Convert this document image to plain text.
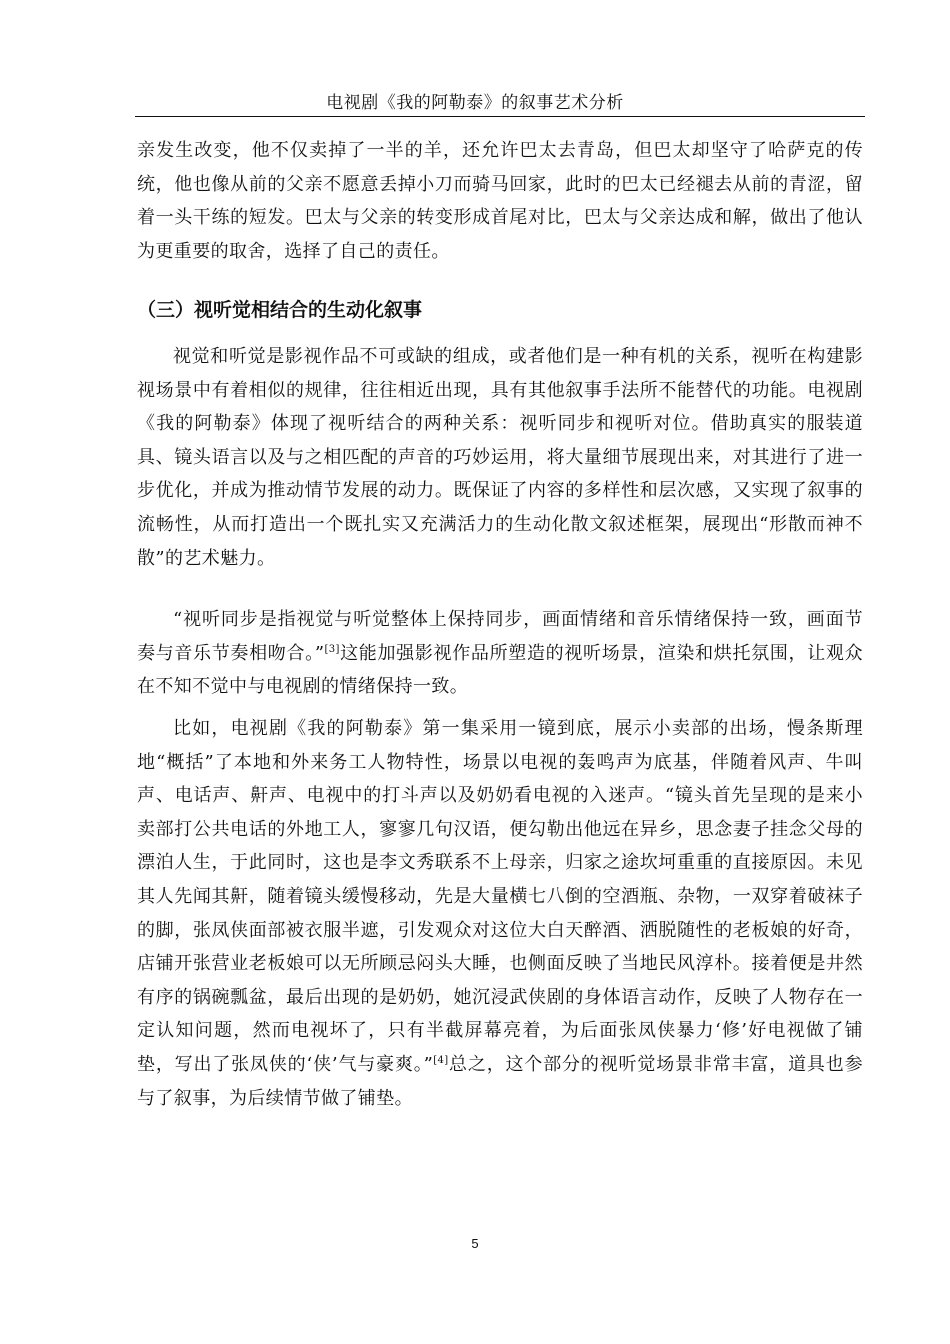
电视剧《我的阿勒泰》的叙事艺术分析

亲发生改变，他不仅卖掉了一半的羊，还允许巴太去青岛，但巴太却坚守了哈萨克的传统，他也像从前的父亲不愿意丢掉小刀而骑马回家，此时的巴太已经褪去从前的青涩，留着一头干练的短发。巴太与父亲的转变形成首尾对比，巴太与父亲达成和解，做出了他认为更重要的取舍，选择了自己的责任。

（三）视听觉相结合的生动化叙事

视觉和听觉是影视作品不可或缺的组成，或者他们是一种有机的关系，视听在构建影视场景中有着相似的规律，往往相近出现，具有其他叙事手法所不能替代的功能。电视剧《我的阿勒泰》体现了视听结合的两种关系：视听同步和视听对位。借助真实的服装道具、镜头语言以及与之相匹配的声音的巧妙运用，将大量细节展现出来，对其进行了进一步优化，并成为推动情节发展的动力。既保证了内容的多样性和层次感，又实现了叙事的流畅性，从而打造出一个既扎实又充满活力的生动化散文叙述框架，展现出“形散而神不散”的艺术魅力。

“视听同步是指视觉与听觉整体上保持同步，画面情绪和音乐情绪保持一致，画面节奏与音乐节奏相吻合。”[3]这能加强影视作品所塑造的视听场景，渲染和烘托氛围，让观众在不知不觉中与电视剧的情绪保持一致。

比如，电视剧《我的阿勒泰》第一集采用一镜到底，展示小卖部的出场，慢条斯理地“概括”了本地和外来务工人物特性，场景以电视的轰鸣声为底基，伴随着风声、牛叫声、电话声、鼾声、电视中的打斗声以及奶奶看电视的入迷声。“镜头首先呈现的是来小卖部打公共电话的外地工人，寥寥几句汉语，便勾勒出他远在异乡，思念妻子挂念父母的漂泊人生，于此同时，这也是李文秀联系不上母亲，归家之途坎坷重重的直接原因。未见其人先闻其鼾，随着镜头缓慢移动，先是大量横七八倒的空酒瓶、杂物，一双穿着破袜子的脚，张凤侠面部被衣服半遮，引发观众对这位大白天醉酒、洒脱随性的老板娘的好奇，店铺开张营业老板娘可以无所顾忌闷头大睡，也侧面反映了当地民风淳朴。接着便是井然有序的锅碗瓢盆，最后出现的是奶奶，她沉浸武侠剧的身体语言动作，反映了人物存在一定认知问题，然而电视坏了，只有半截屏幕亮着，为后面张凤侠暴力‘修’好电视做了铺垫，写出了张凤侠的‘侠’气与豪爽。”[4]总之，这个部分的视听觉场景非常丰富，道具也参与了叙事，为后续情节做了铺垫。

5
